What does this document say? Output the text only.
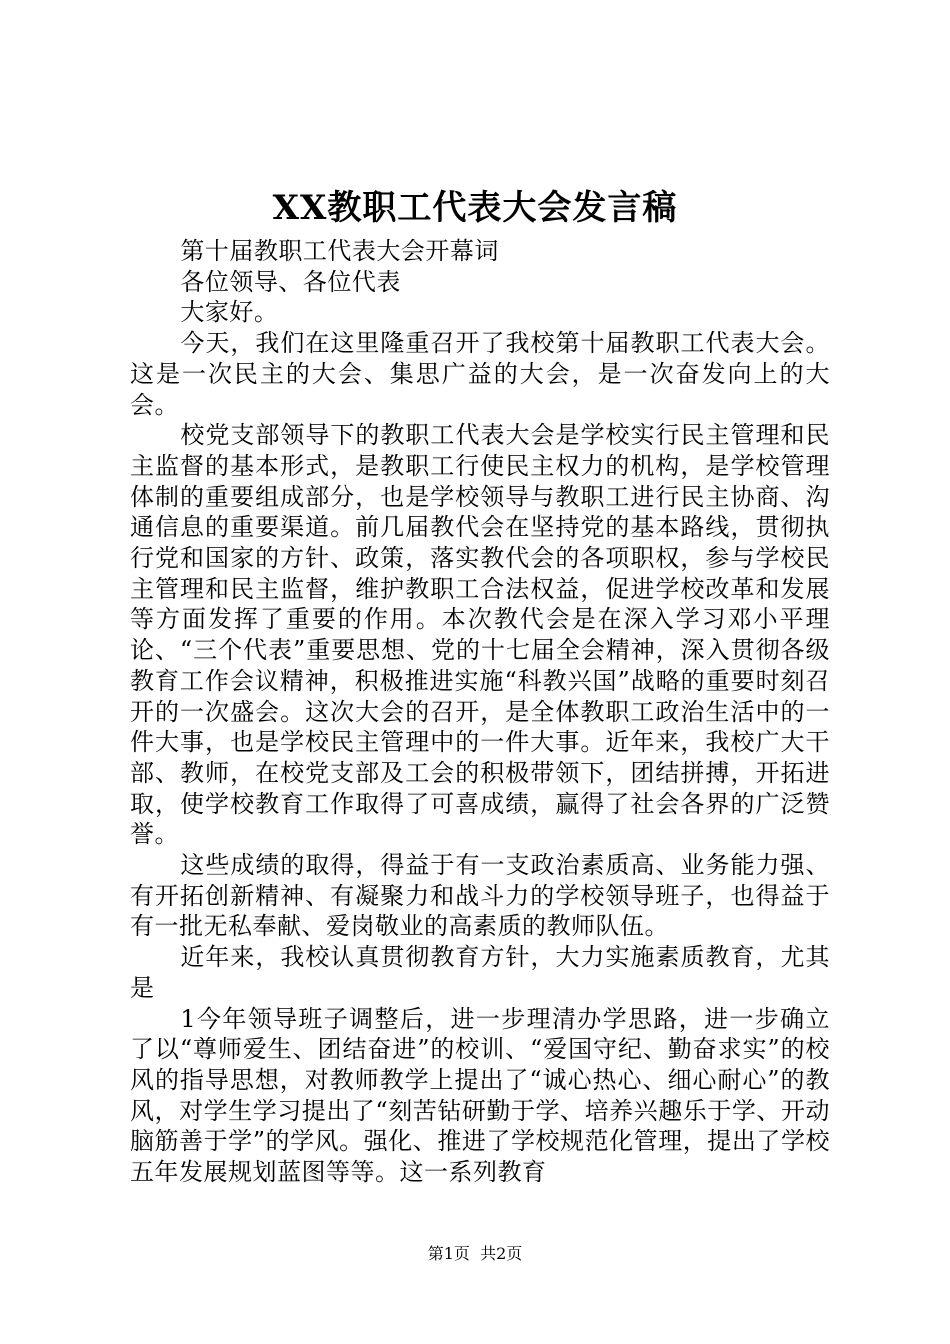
XX教职工代表大会发言稿

第十届教职工代表大会开幕词

各位领导、各位代表

大家好。

今天，我们在这里隆重召开了我校第十届教职工代表大会。这是一次民主的大会、集思广益的大会，是一次奋发向上的大会。

校党支部领导下的教职工代表大会是学校实行民主管理和民主监督的基本形式，是教职工行使民主权力的机构，是学校管理体制的重要组成部分，也是学校领导与教职工进行民主协商、沟通信息的重要渠道。前几届教代会在坚持党的基本路线，贯彻执行党和国家的方针、政策，落实教代会的各项职权，参与学校民主管理和民主监督，维护教职工合法权益，促进学校改革和发展等方面发挥了重要的作用。本次教代会是在深入学习邓小平理论、“三个代表”重要思想、党的十七届全会精神，深入贯彻各级教育工作会议精神，积极推进实施“科教兴国”战略的重要时刻召开的一次盛会。这次大会的召开，是全体教职工政治生活中的一件大事，也是学校民主管理中的一件大事。近年来，我校广大干部、教师，在校党支部及工会的积极带领下，团结拼搏，开拓进取，使学校教育工作取得了可喜成绩，赢得了社会各界的广泛赞誉。

这些成绩的取得，得益于有一支政治素质高、业务能力强、有开拓创新精神、有凝聚力和战斗力的学校领导班子，也得益于有一批无私奉献、爱岗敬业的高素质的教师队伍。

近年来，我校认真贯彻教育方针，大力实施素质教育，尤其是

1今年领导班子调整后，进一步理清办学思路，进一步确立了以“尊师爱生、团结奋进”的校训、“爱国守纪、勤奋求实”的校风的指导思想，对教师教学上提出了“诚心热心、细心耐心”的教风，对学生学习提出了“刻苦钻研勤于学、培养兴趣乐于学、开动脑筋善于学”的学风。强化、推进了学校规范化管理，提出了学校五年发展规划蓝图等等。这一系列教育

第1页 共2页
